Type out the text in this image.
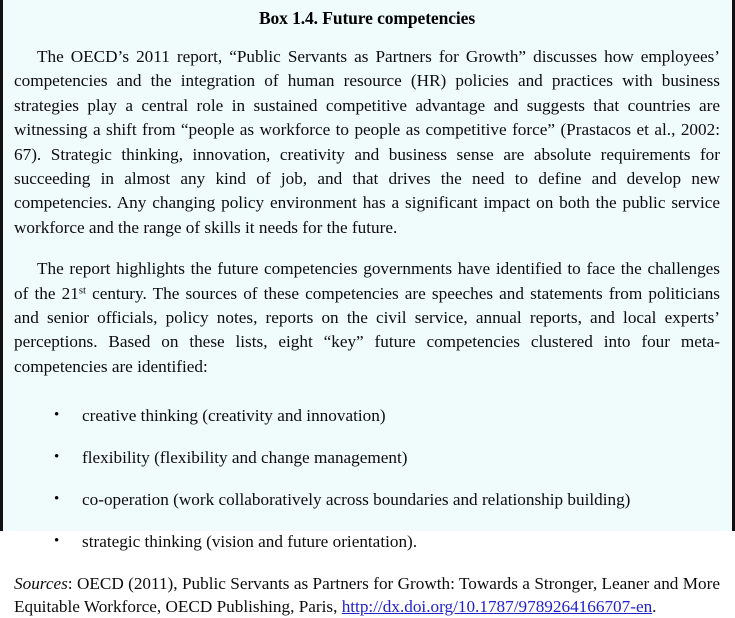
Box 1.4. Future competencies

The OECD’s 2011 report, “Public Servants as Partners for Growth” discusses how employees’ competencies and the integration of human resource (HR) policies and practices with business strategies play a central role in sustained competitive advantage and suggests that countries are witnessing a shift from “people as workforce to people as competitive force” (Prastacos et al., 2002: 67). Strategic thinking, innovation, creativity and business sense are absolute requirements for succeeding in almost any kind of job, and that drives the need to define and develop new competencies. Any changing policy environment has a significant impact on both the public service workforce and the range of skills it needs for the future.

The report highlights the future competencies governments have identified to face the challenges of the 21st century. The sources of these competencies are speeches and statements from politicians and senior officials, policy notes, reports on the civil service, annual reports, and local experts’ perceptions. Based on these lists, eight “key” future competencies clustered into four meta-competencies are identified:

• creative thinking (creativity and innovation)
• flexibility (flexibility and change management)
• co-operation (work collaboratively across boundaries and relationship building)
• strategic thinking (vision and future orientation).

Sources: OECD (2011), Public Servants as Partners for Growth: Towards a Stronger, Leaner and More Equitable Workforce, OECD Publishing, Paris, http://dx.doi.org/10.1787/9789264166707-en.
